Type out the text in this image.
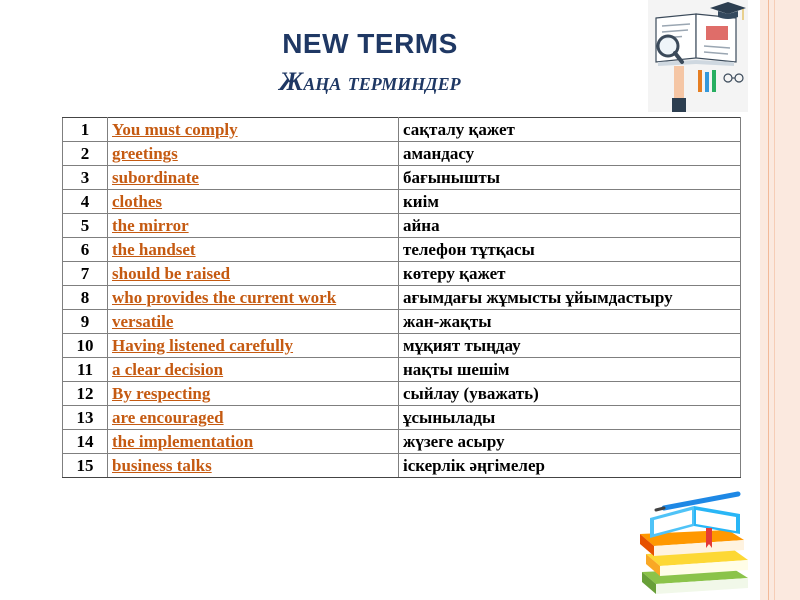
NEW TERMS
Жаңа терминдер
1	You must comply	сақталу қажет
2	greetings	амандасу
3	subordinate	бағынышты
4	clothes	киім
5	the mirror	айна
6	the handset	телефон тұтқасы
7	should be raised	көтеру қажет
8	who provides the current work	ағымдағы жұмысты ұйымдастыру
9	versatile	жан-жақты
10	Having listened carefully	мұқият тыңдау
11	a clear decision	нақты шешім
12	By respecting	сыйлау (уважать)
13	are encouraged	ұсынылады
14	the implementation	жүзеге асыру
15	business talks	іскерлік әңгімелер
